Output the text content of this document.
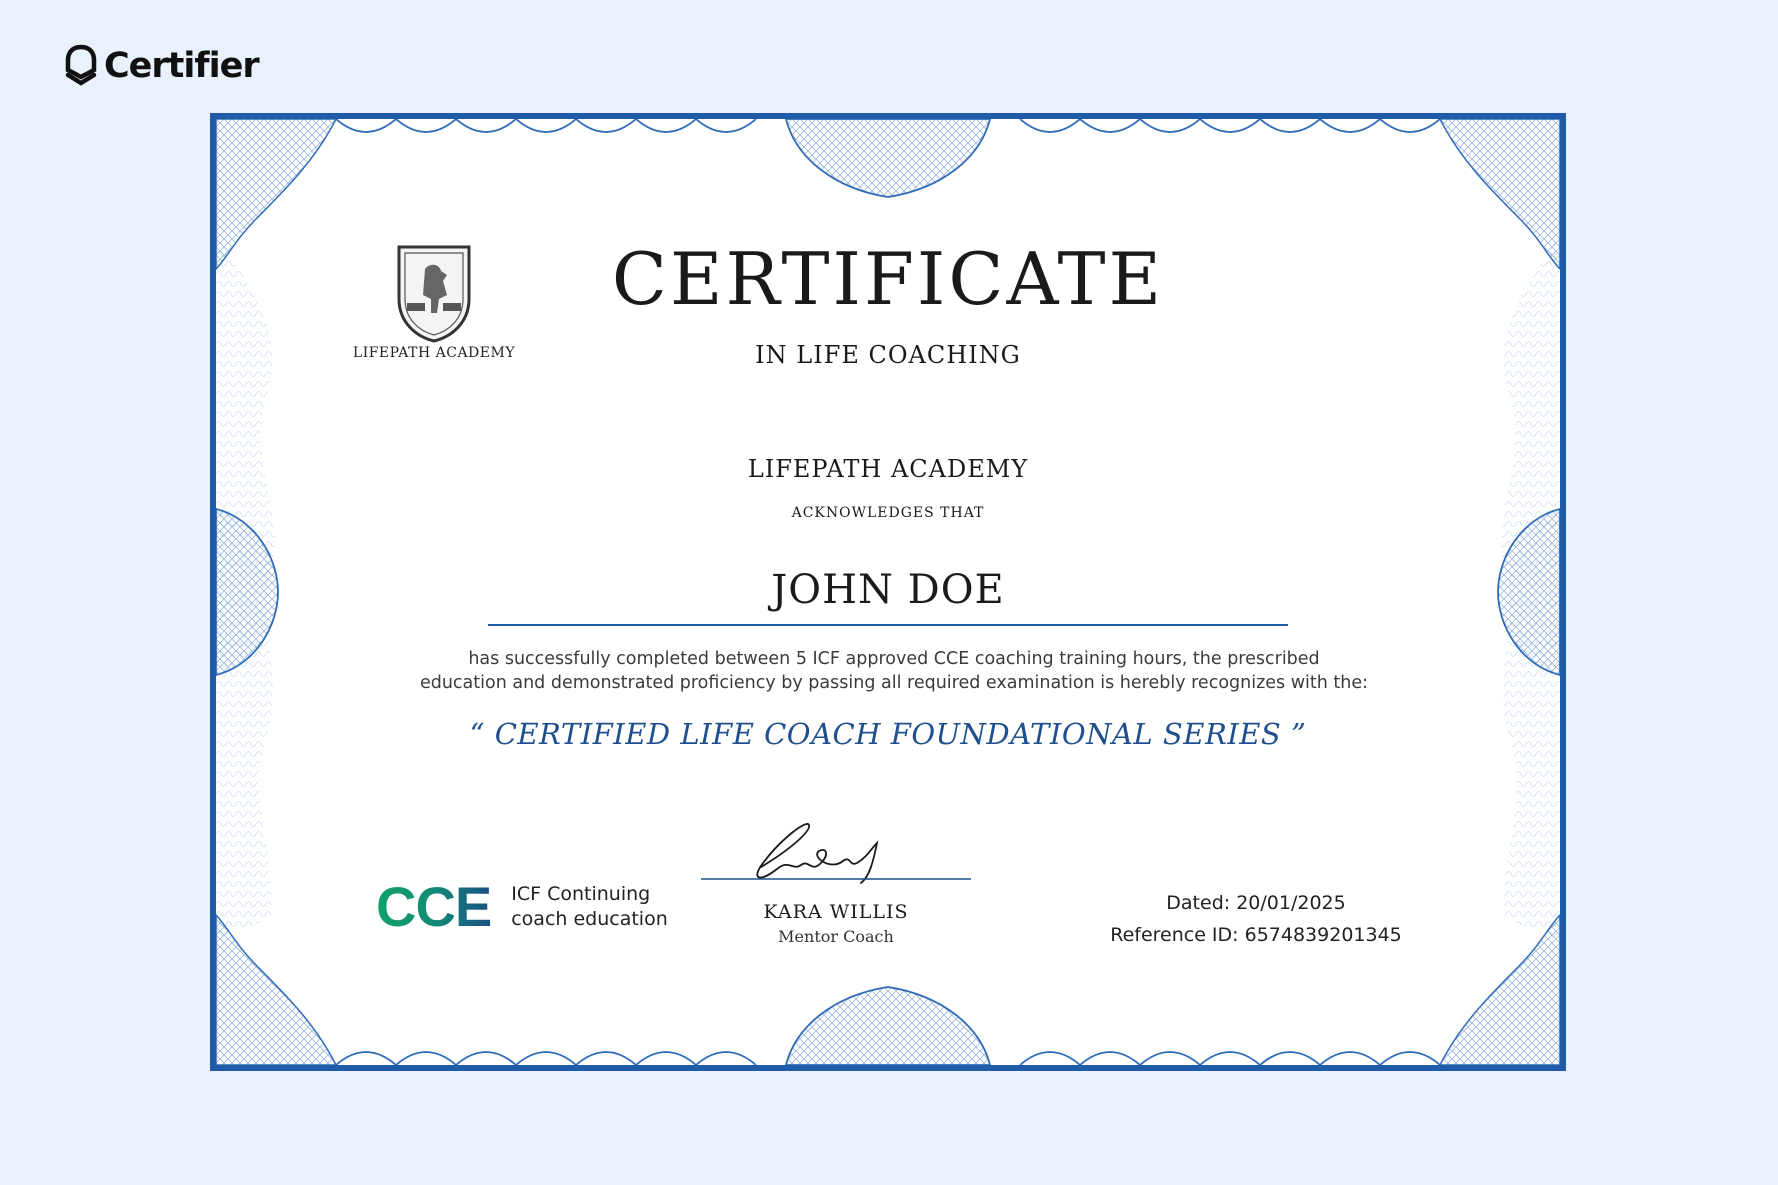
Certifier
LIFEPATH ACADEMY
CERTIFICATE
IN LIFE COACHING
LIFEPATH ACADEMY
ACKNOWLEDGES THAT
JOHN DOE
has successfully completed between 5 ICF approved CCE coaching training hours, the prescribed
education and demonstrated proficiency by passing all required examination is herebly recognizes with the:
“ CERTIFIED LIFE COACH FOUNDATIONAL SERIES ”
CCE ICF Continuing
coach education	KARA WILLIS
Mentor Coach
Dated: 20/01/2025
Reference ID: 6574839201345
